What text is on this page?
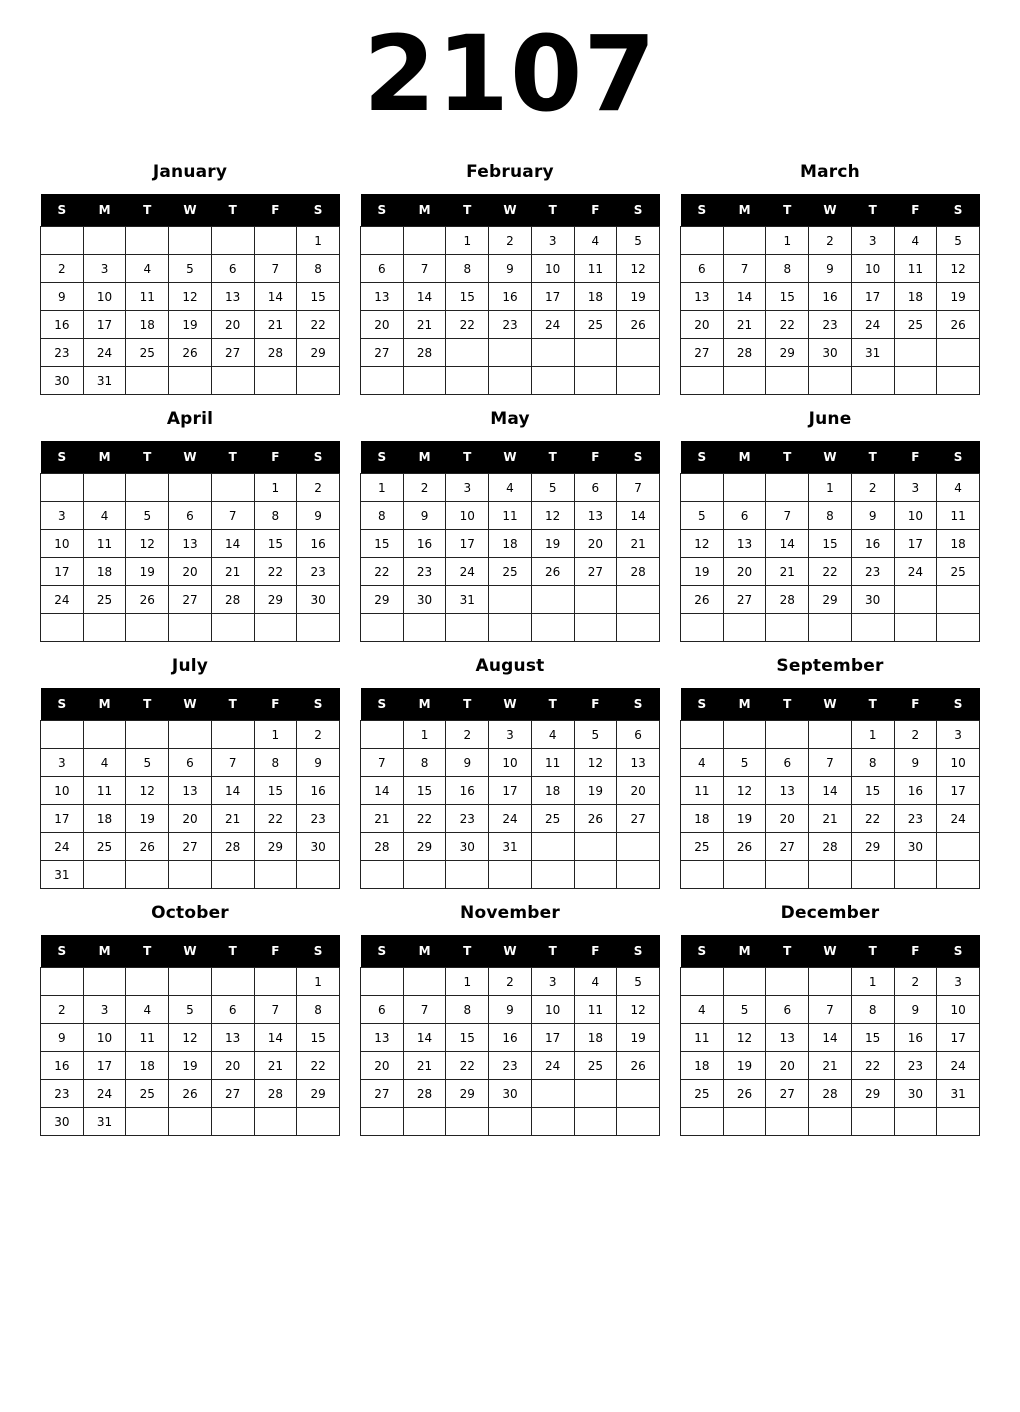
2107
January
S	M	T	W	T	F	S
						1
2	3	4	5	6	7	8
9	10	11	12	13	14	15
16	17	18	19	20	21	22
23	24	25	26	27	28	29
30	31					
February
S	M	T	W	T	F	S
		1	2	3	4	5
6	7	8	9	10	11	12
13	14	15	16	17	18	19
20	21	22	23	24	25	26
27	28					

March
S	M	T	W	T	F	S
		1	2	3	4	5
6	7	8	9	10	11	12
13	14	15	16	17	18	19
20	21	22	23	24	25	26
27	28	29	30	31		

April
S	M	T	W	T	F	S
					1	2
3	4	5	6	7	8	9
10	11	12	13	14	15	16
17	18	19	20	21	22	23
24	25	26	27	28	29	30

May
S	M	T	W	T	F	S
1	2	3	4	5	6	7
8	9	10	11	12	13	14
15	16	17	18	19	20	21
22	23	24	25	26	27	28
29	30	31				

June
S	M	T	W	T	F	S
			1	2	3	4
5	6	7	8	9	10	11
12	13	14	15	16	17	18
19	20	21	22	23	24	25
26	27	28	29	30		

July
S	M	T	W	T	F	S
					1	2
3	4	5	6	7	8	9
10	11	12	13	14	15	16
17	18	19	20	21	22	23
24	25	26	27	28	29	30
31						
August
S	M	T	W	T	F	S
	1	2	3	4	5	6
7	8	9	10	11	12	13
14	15	16	17	18	19	20
21	22	23	24	25	26	27
28	29	30	31			

September
S	M	T	W	T	F	S
				1	2	3
4	5	6	7	8	9	10
11	12	13	14	15	16	17
18	19	20	21	22	23	24
25	26	27	28	29	30	

October
S	M	T	W	T	F	S
						1
2	3	4	5	6	7	8
9	10	11	12	13	14	15
16	17	18	19	20	21	22
23	24	25	26	27	28	29
30	31					
November
S	M	T	W	T	F	S
		1	2	3	4	5
6	7	8	9	10	11	12
13	14	15	16	17	18	19
20	21	22	23	24	25	26
27	28	29	30			

December
S	M	T	W	T	F	S
				1	2	3
4	5	6	7	8	9	10
11	12	13	14	15	16	17
18	19	20	21	22	23	24
25	26	27	28	29	30	31
